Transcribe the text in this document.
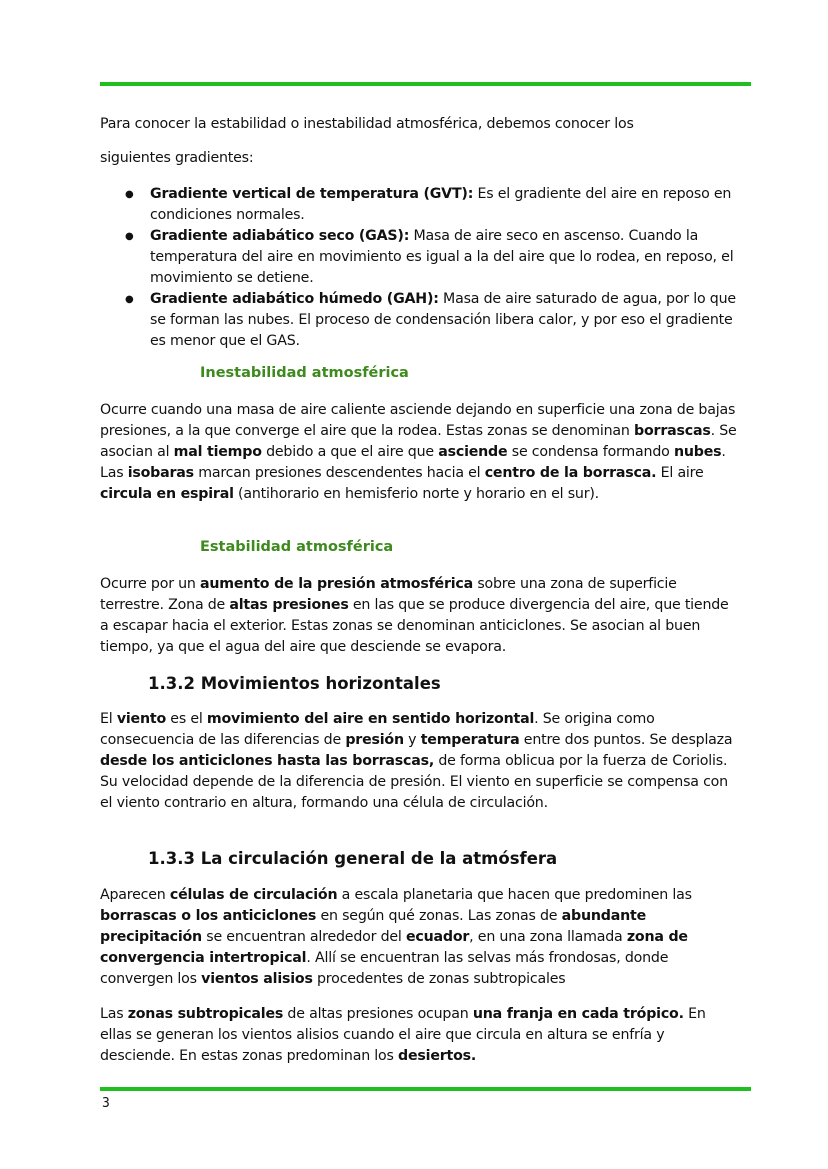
Para conocer la estabilidad o inestabilidad atmosférica, debemos conocer los
siguientes gradientes:
● Gradiente vertical de temperatura (GVT): Es el gradiente del aire en reposo en condiciones normales.
● Gradiente adiabático seco (GAS): Masa de aire seco en ascenso. Cuando la temperatura del aire en movimiento es igual a la del aire que lo rodea, en reposo, el movimiento se detiene.
● Gradiente adiabático húmedo (GAH): Masa de aire saturado de agua, por lo que se forman las nubes. El proceso de condensación libera calor, y por eso el gradiente es menor que el GAS.
Inestabilidad atmosférica
Ocurre cuando una masa de aire caliente asciende dejando en superficie una zona de bajas presiones, a la que converge el aire que la rodea. Estas zonas se denominan borrascas. Se asocian al mal tiempo debido a que el aire que asciende se condensa formando nubes. Las isobaras marcan presiones descendentes hacia el centro de la borrasca. El aire circula en espiral (antihorario en hemisferio norte y horario en el sur).
Estabilidad atmosférica
Ocurre por un aumento de la presión atmosférica sobre una zona de superficie terrestre. Zona de altas presiones en las que se produce divergencia del aire, que tiende a escapar hacia el exterior. Estas zonas se denominan anticiclones. Se asocian al buen tiempo, ya que el agua del aire que desciende se evapora.
1.3.2 Movimientos horizontales
El viento es el movimiento del aire en sentido horizontal. Se origina como consecuencia de las diferencias de presión y temperatura entre dos puntos. Se desplaza desde los anticiclones hasta las borrascas, de forma oblicua por la fuerza de Coriolis. Su velocidad depende de la diferencia de presión. El viento en superficie se compensa con el viento contrario en altura, formando una célula de circulación.
1.3.3 La circulación general de la atmósfera
Aparecen células de circulación a escala planetaria que hacen que predominen las borrascas o los anticiclones en según qué zonas. Las zonas de abundante precipitación se encuentran alrededor del ecuador, en una zona llamada zona de convergencia intertropical. Allí se encuentran las selvas más frondosas, donde convergen los vientos alisios procedentes de zonas subtropicales
Las zonas subtropicales de altas presiones ocupan una franja en cada trópico. En ellas se generan los vientos alisios cuando el aire que circula en altura se enfría y desciende. En estas zonas predominan los desiertos.
3
